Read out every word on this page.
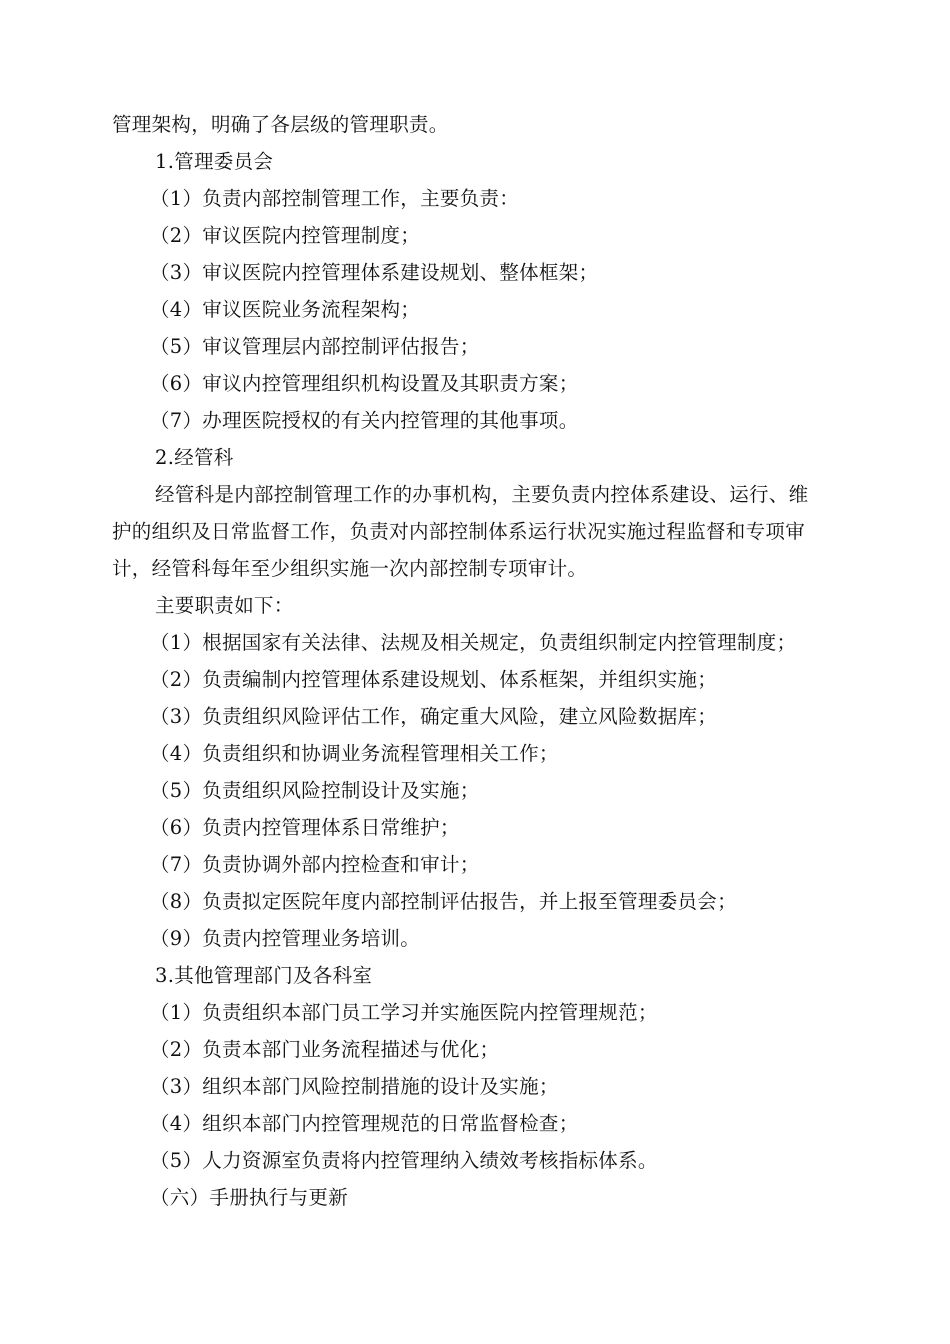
管理架构，明确了各层级的管理职责。
1.管理委员会
（1）负责内部控制管理工作，主要负责：
（2）审议医院内控管理制度；
（3）审议医院内控管理体系建设规划、整体框架；
（4）审议医院业务流程架构；
（5）审议管理层内部控制评估报告；
（6）审议内控管理组织机构设置及其职责方案；
（7）办理医院授权的有关内控管理的其他事项。
2.经管科
经管科是内部控制管理工作的办事机构，主要负责内控体系建设、运行、维
护的组织及日常监督工作，负责对内部控制体系运行状况实施过程监督和专项审
计，经管科每年至少组织实施一次内部控制专项审计。
主要职责如下：
（1）根据国家有关法律、法规及相关规定，负责组织制定内控管理制度；
（2）负责编制内控管理体系建设规划、体系框架，并组织实施；
（3）负责组织风险评估工作，确定重大风险，建立风险数据库；
（4）负责组织和协调业务流程管理相关工作；
（5）负责组织风险控制设计及实施；
（6）负责内控管理体系日常维护；
（7）负责协调外部内控检查和审计；
（8）负责拟定医院年度内部控制评估报告，并上报至管理委员会；
（9）负责内控管理业务培训。
3.其他管理部门及各科室
（1）负责组织本部门员工学习并实施医院内控管理规范；
（2）负责本部门业务流程描述与优化；
（3）组织本部门风险控制措施的设计及实施；
（4）组织本部门内控管理规范的日常监督检查；
（5）人力资源室负责将内控管理纳入绩效考核指标体系。
（六）手册执行与更新
